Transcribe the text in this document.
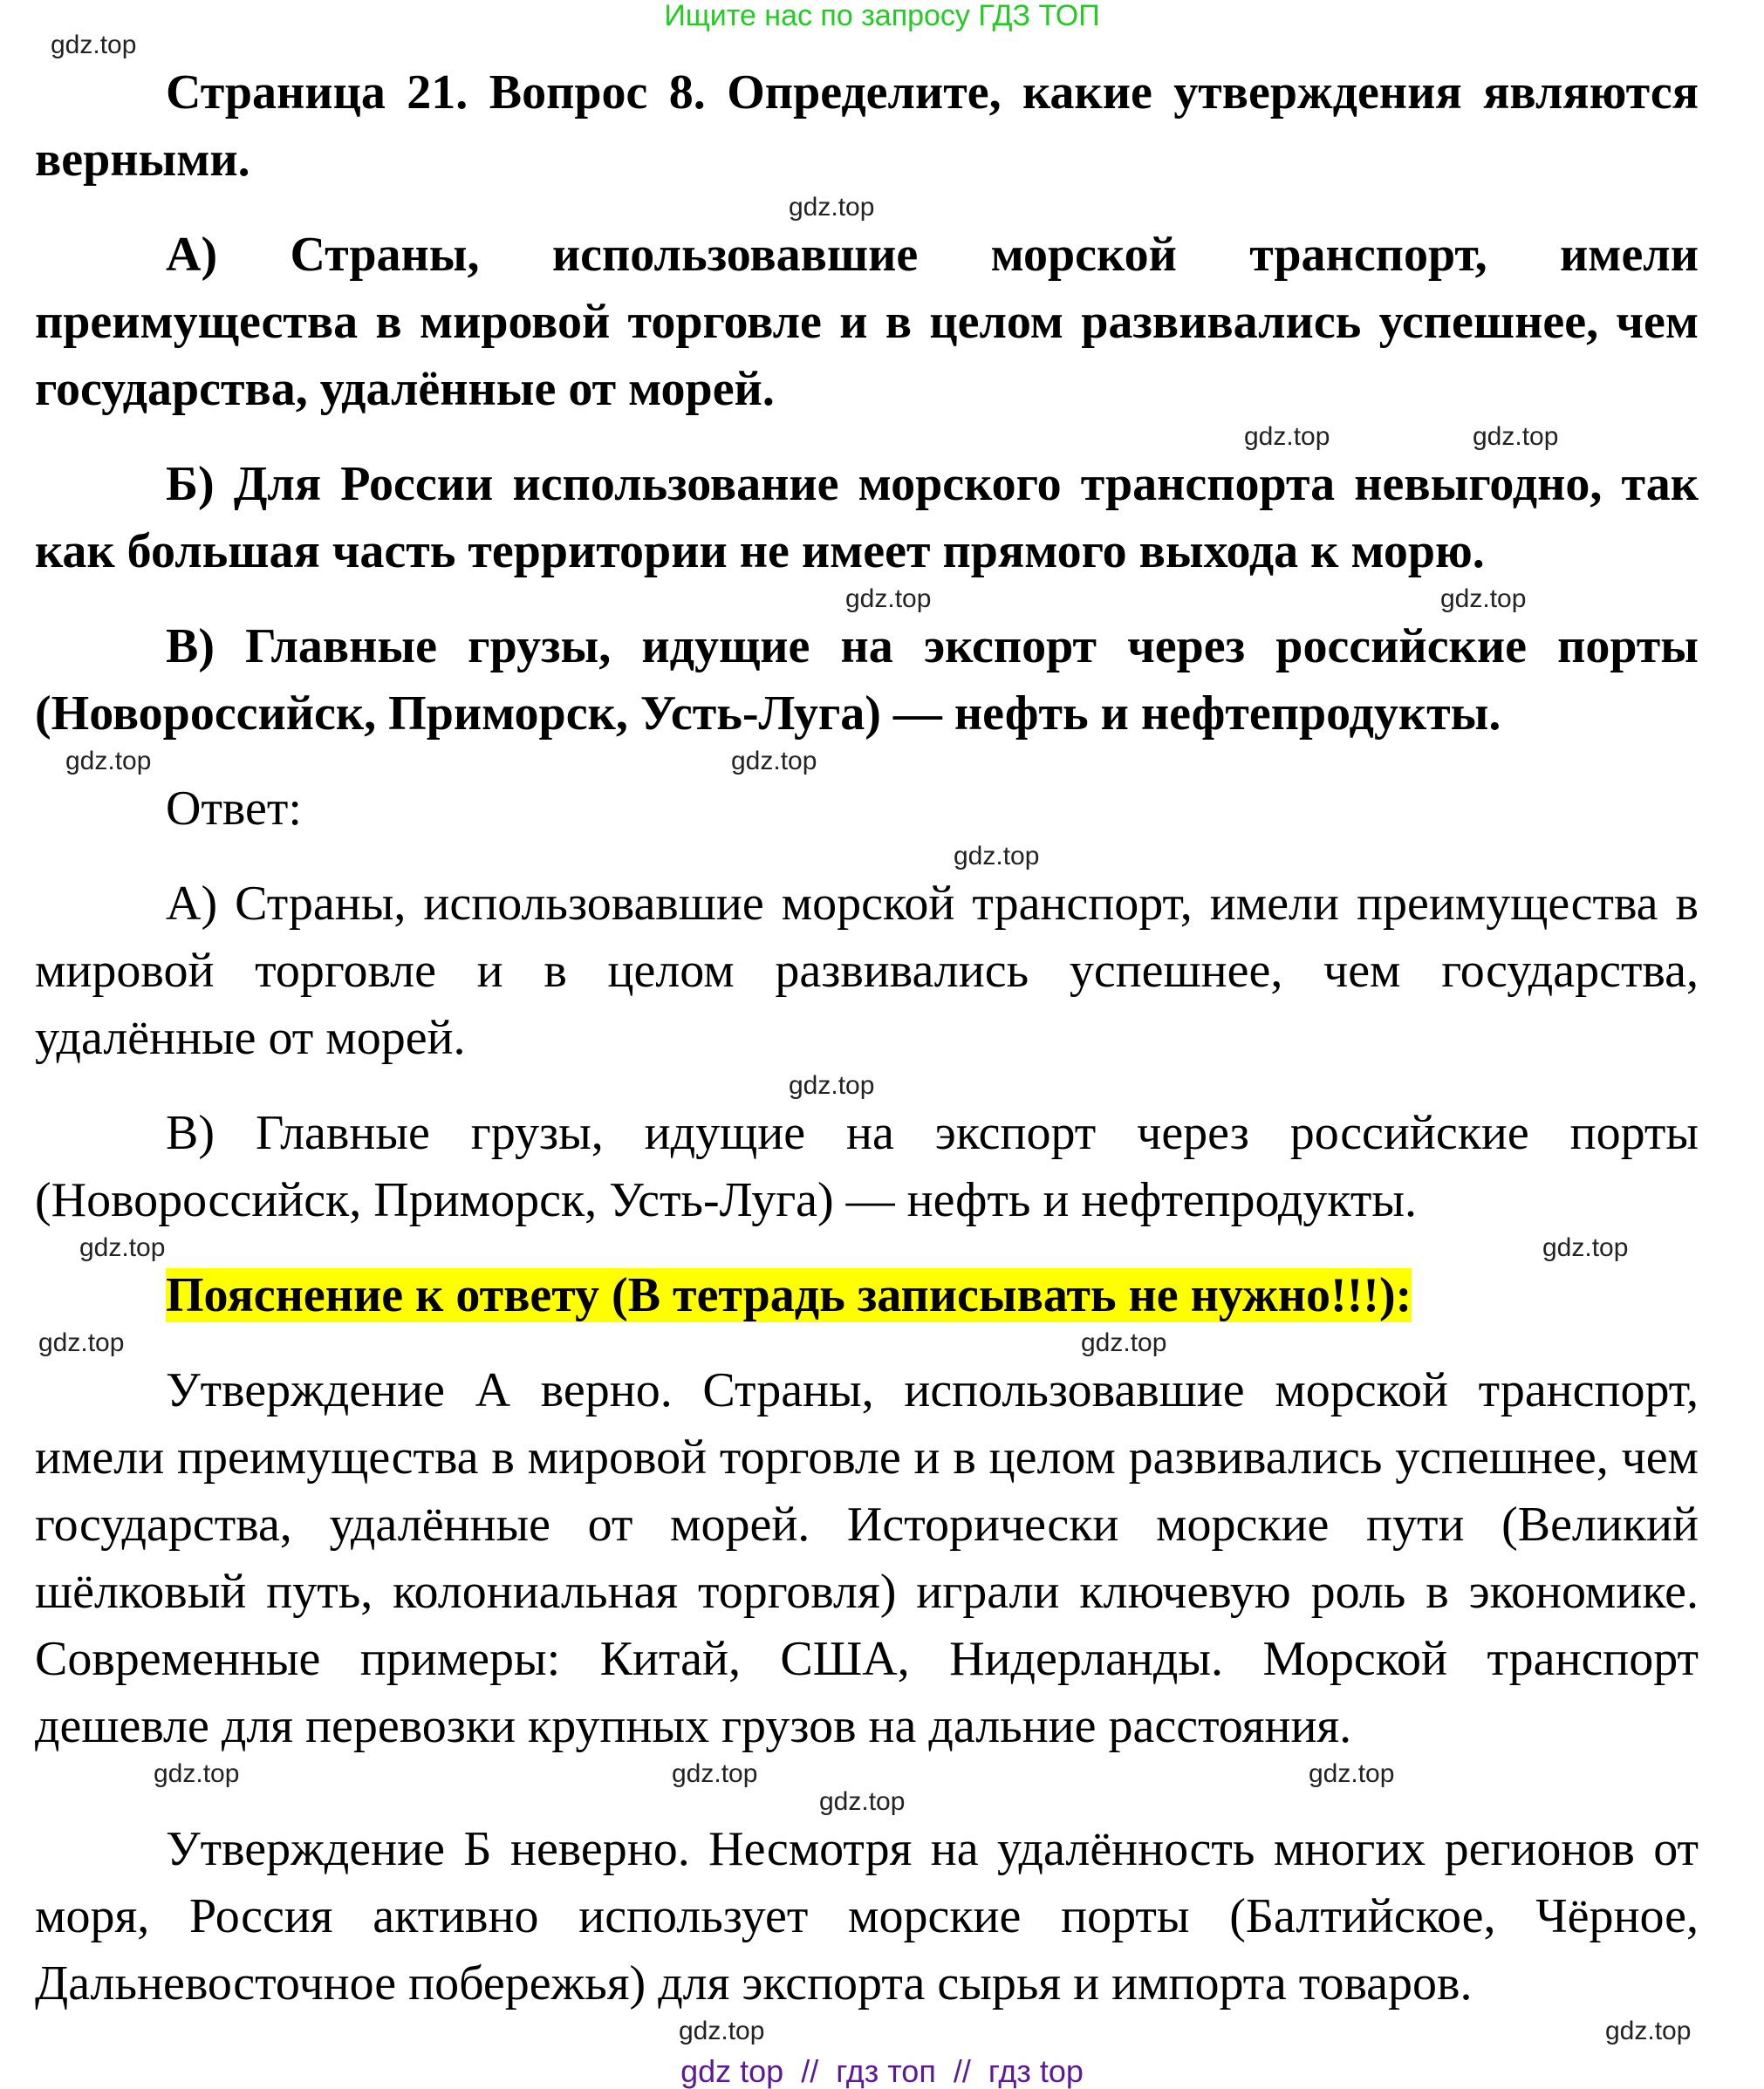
Ищите нас по запросу ГДЗ ТОП
gdz.top

Страница 21. Вопрос 8. Определите, какие утверждения являются верными.

gdz.top

А) Страны, использовавшие морской транспорт, имели преимущества в мировой торговле и в целом развивались успешнее, чем государства, удалённые от морей.

gdz.top	gdz.top

Б) Для России использование морского транспорта невыгодно, так как большая часть территории не имеет прямого выхода к морю.

gdz.top	gdz.top

В) Главные грузы, идущие на экспорт через российские порты (Новороссийск, Приморск, Усть-Луга) — нефть и нефтепродукты.

gdz.top	gdz.top

Ответ:

gdz.top

А) Страны, использовавшие морской транспорт, имели преимущества в мировой торговле и в целом развивались успешнее, чем государства, удалённые от морей.

gdz.top

В) Главные грузы, идущие на экспорт через российские порты (Новороссийск, Приморск, Усть-Луга) — нефть и нефтепродукты.

gdz.top	gdz.top

Пояснение к ответу (В тетрадь записывать не нужно!!!):

gdz.top	gdz.top

Утверждение А верно. Страны, использовавшие морской транспорт, имели преимущества в мировой торговле и в целом развивались успешнее, чем государства, удалённые от морей. Исторически морские пути (Великий шёлковый путь, колониальная торговля) играли ключевую роль в экономике. Современные примеры: Китай, США, Нидерланды. Морской транспорт дешевле для перевозки крупных грузов на дальние расстояния.

gdz.top	gdz.top	gdz.top
gdz.top

Утверждение Б неверно. Несмотря на удалённость многих регионов от моря, Россия активно использует морские порты (Балтийское, Чёрное, Дальневосточное побережья) для экспорта сырья и импорта товаров.

gdz.top	gdz.top
gdz top  //  гдз топ  //  гдз top
